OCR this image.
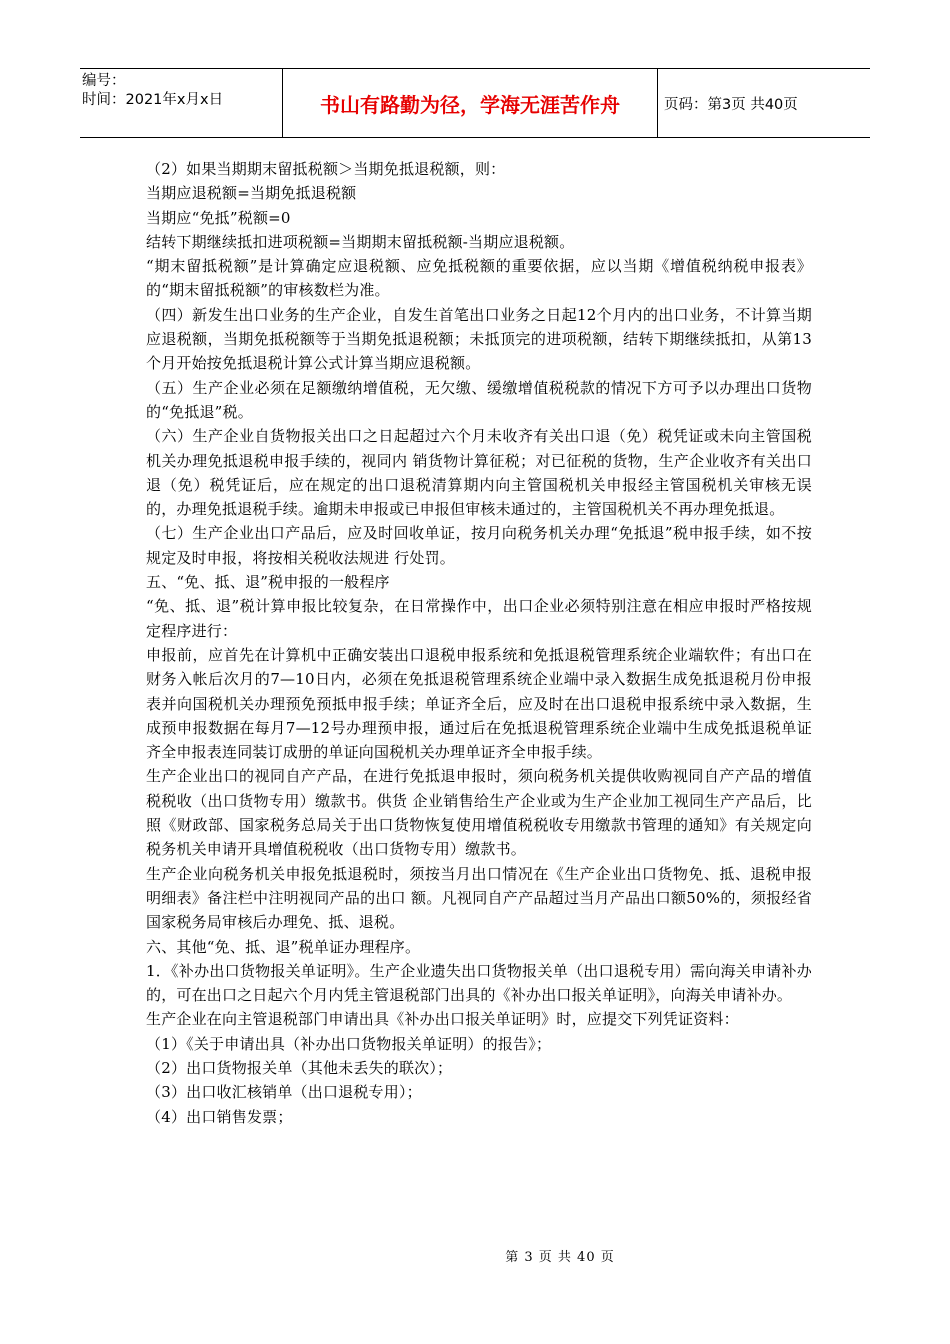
编号：
时间：2021年x月x日	书山有路勤为径，学海无涯苦作舟	页码：第3页 共40页

（2）如果当期期末留抵税额＞当期免抵退税额，则：

当期应退税额=当期免抵退税额

当期应“免抵”税额=0

结转下期继续抵扣进项税额=当期期末留抵税额-当期应退税额。

“期末留抵税额”是计算确定应退税额、应免抵税额的重要依据，应以当期《增值税纳税申报表》的“期末留抵税额”的审核数栏为准。

（四）新发生出口业务的生产企业，自发生首笔出口业务之日起12个月内的出口业务，不计算当期应退税额，当期免抵税额等于当期免抵退税额；未抵顶完的进项税额，结转下期继续抵扣，从第13个月开始按免抵退税计算公式计算当期应退税额。

（五）生产企业必须在足额缴纳增值税，无欠缴、缓缴增值税税款的情况下方可予以办理出口货物的“免抵退”税。

（六）生产企业自货物报关出口之日起超过六个月未收齐有关出口退（免）税凭证或未向主管国税机关办理免抵退税申报手续的，视同内 销货物计算征税；对已征税的货物，生产企业收齐有关出口退（免）税凭证后，应在规定的出口退税清算期内向主管国税机关申报经主管国税机关审核无误的，办理免抵退税手续。逾期未申报或已申报但审核未通过的，主管国税机关不再办理免抵退。

（七）生产企业出口产品后，应及时回收单证，按月向税务机关办理“免抵退”税申报手续，如不按规定及时申报，将按相关税收法规进 行处罚。

五、“免、抵、退”税申报的一般程序

“免、抵、退”税计算申报比较复杂，在日常操作中，出口企业必须特别注意在相应申报时严格按规定程序进行：

申报前，应首先在计算机中正确安装出口退税申报系统和免抵退税管理系统企业端软件；有出口在财务入帐后次月的7—10日内，必须在免抵退税管理系统企业端中录入数据生成免抵退税月份申报表并向国税机关办理预免预抵申报手续；单证齐全后，应及时在出口退税申报系统中录入数据，生成预申报数据在每月7—12号办理预申报，通过后在免抵退税管理系统企业端中生成免抵退税单证齐全申报表连同装订成册的单证向国税机关办理单证齐全申报手续。

生产企业出口的视同自产产品，在进行免抵退申报时，须向税务机关提供收购视同自产产品的增值税税收（出口货物专用）缴款书。供货 企业销售给生产企业或为生产企业加工视同生产产品后，比照《财政部、国家税务总局关于出口货物恢复使用增值税税收专用缴款书管理的通知》有关规定向税务机关申请开具增值税税收（出口货物专用）缴款书。

生产企业向税务机关申报免抵退税时，须按当月出口情况在《生产企业出口货物免、抵、退税申报明细表》备注栏中注明视同产品的出口 额。凡视同自产产品超过当月产品出口额50%的，须报经省国家税务局审核后办理免、抵、退税。

六、其他“免、抵、退”税单证办理程序。

1．《补办出口货物报关单证明》。生产企业遗失出口货物报关单（出口退税专用）需向海关申请补办的，可在出口之日起六个月内凭主管退税部门出具的《补办出口报关单证明》，向海关申请补办。

生产企业在向主管退税部门申请出具《补办出口报关单证明》时，应提交下列凭证资料：

（1）《关于申请出具（补办出口货物报关单证明）的报告》；

（2）出口货物报关单（其他未丢失的联次）；

（3）出口收汇核销单（出口退税专用）；

（4）出口销售发票；

第 3 页 共 40 页
